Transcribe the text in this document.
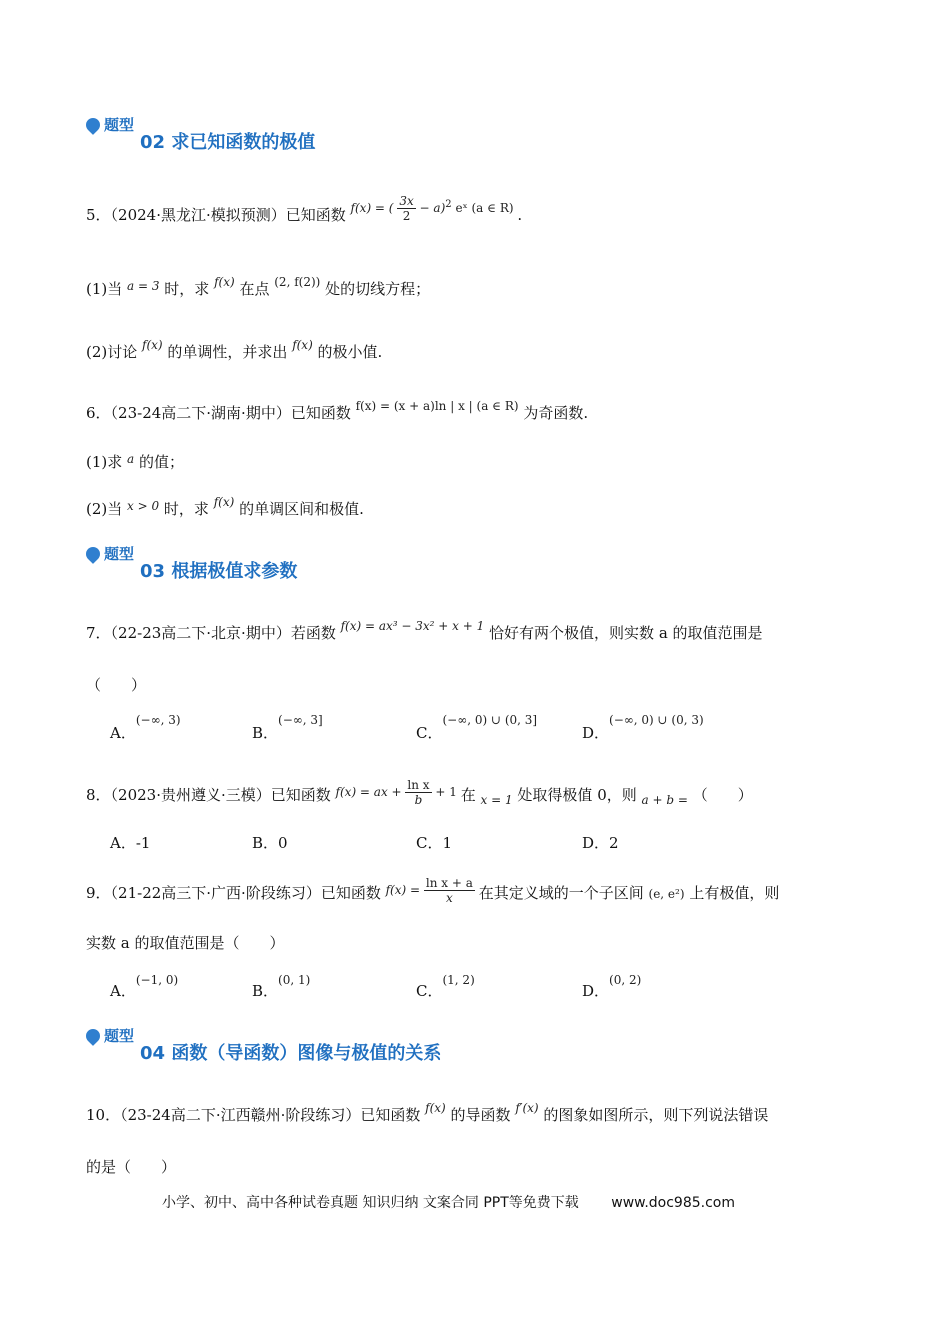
题型
02 求已知函数的极值
5．（2024·黑龙江·模拟预测）已知函数 $^{f(x) = ( \frac{3x}{2} - a)^2 eˣ (a \in R)}$ .
(1)当 $^{a = 3}$ 时，求 $^{f(x)}$ 在点 $^{(2, f(2))}$ 处的切线方程；
(2)讨论 $^{f(x)}$ 的单调性，并求出 $^{f(x)}$ 的极小值.
6．（23-24高二下·湖南·期中）已知函数 $^{f(x) = (x + a)ln | x | (a \in R)}$ 为奇函数.
(1)求 $^a$ 的值；
(2)当 $^{x > 0}$ 时，求 $^{f(x)}$ 的单调区间和极值.
题型
03 根据极值求参数
7．（22-23高二下·北京·期中）若函数 $^{f(x) = ax^3 - 3x^2 + x + 1}$ 恰好有两个极值，则实数 a 的取值范围是
（　　）
A．$^{(-\infty, 3)}$
B．$^{(-\infty, 3]}$
C．$^{(-\infty, 0) \cup (0, 3]}$
D．$^{(-\infty, 0) \cup (0, 3)}$
8．（2023·贵州遵义·三模）已知函数 $^{f(x) = ax + \frac{\text{ln x}}{b} + 1}$ 在 $_{x = 1}$ 处取得极值 0，则 $_{a + b =}$ （　　）
A．-1	B．0	C．1	D．2
9．（21-22高三下·广西·阶段练习）已知函数 $^{f(x) = \frac{\text{ln x + a}}{x}}$ 在其定义域的一个子区间 (e, e²) 上有极值，则
实数 a 的取值范围是（　　）
A．$^{(-1, 0)}$
B．$^{(0, 1)}$
C．$^{(1, 2)}$
D．$^{(0, 2)}$
题型
04 函数（导函数）图像与极值的关系
10．（23-24高二下·江西赣州·阶段练习）已知函数 $^{f(x)}$ 的导函数 $^{f'(x)}$ 的图象如图所示，则下列说法错误
的是（　　）
小学、初中、高中各种试卷真题 知识归纳 文案合同 PPT等免费下载 www.doc985.com
